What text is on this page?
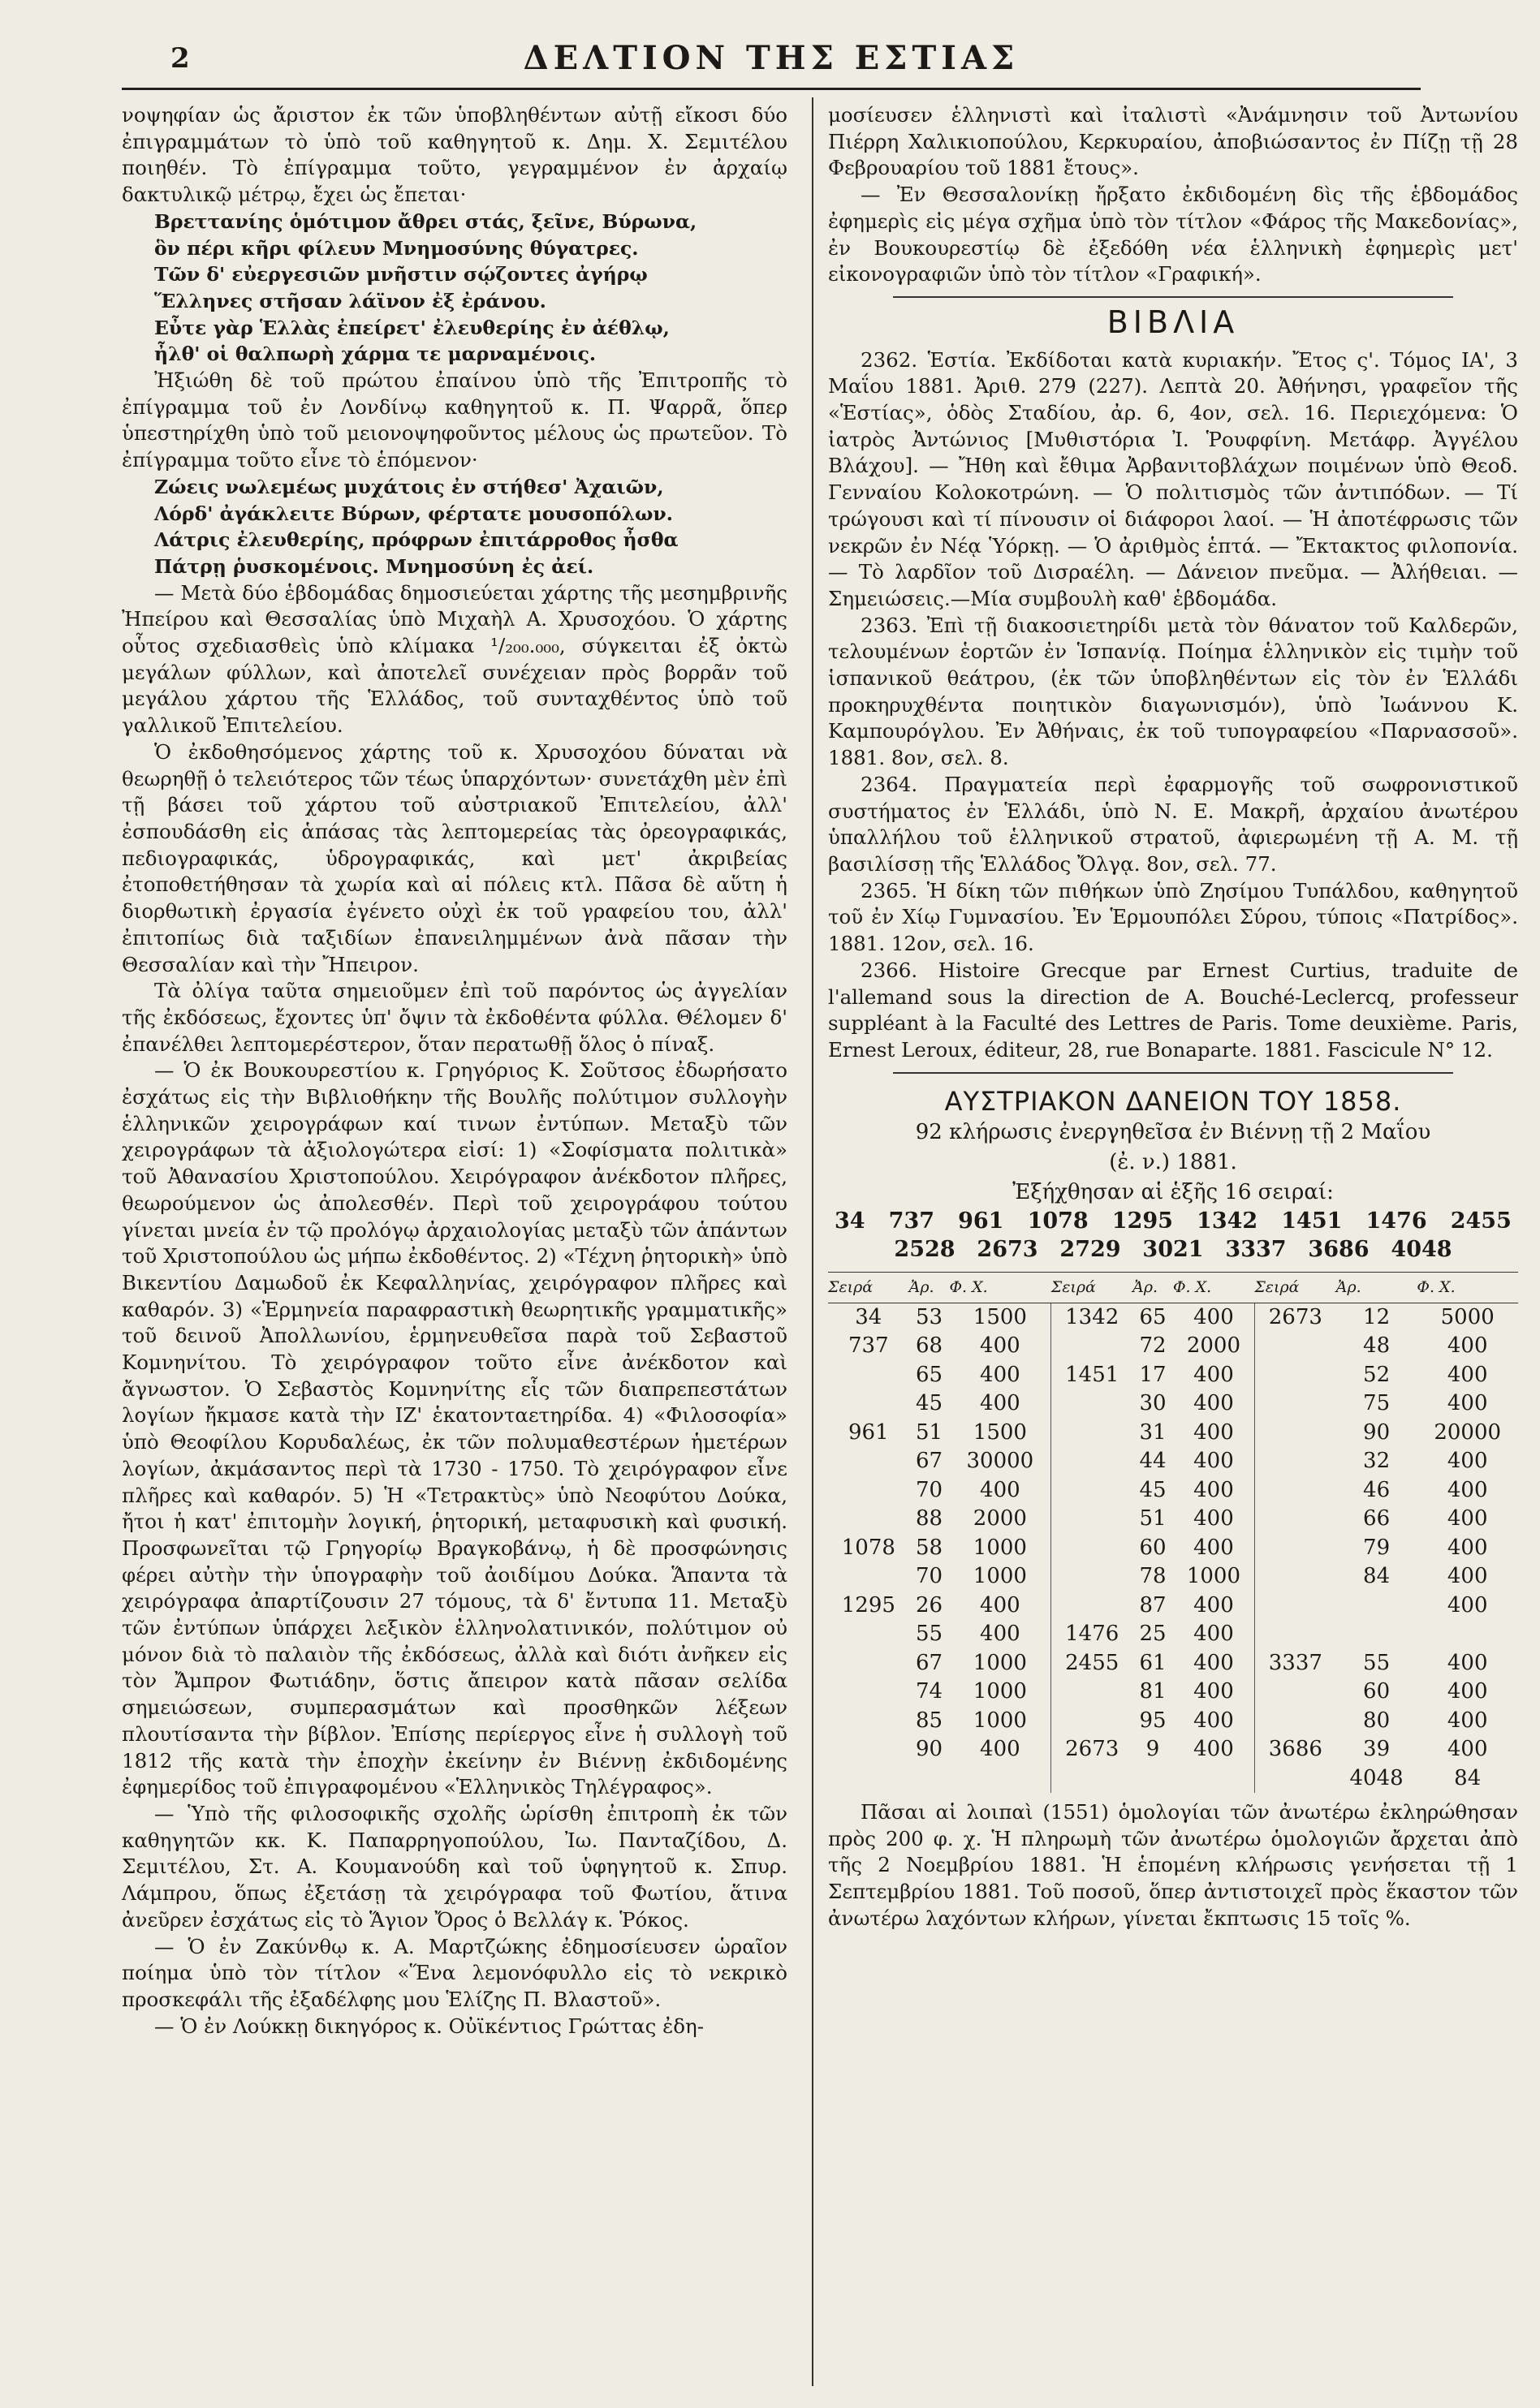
2	ΔΕΛΤΙΟΝ ΤΗΣ ΕΣΤΙΑΣ

νοψηφίαν ὡς ἄριστον ἐκ τῶν ὑποβληθέντων αὐτῇ εἴκοσι δύο ἐπιγραμμάτων τὸ ὑπὸ τοῦ καθηγητοῦ κ. Δημ. Χ. Σεμιτέλου ποιηθέν. Τὸ ἐπίγραμμα τοῦτο, γεγραμμένον ἐν ἀρχαίῳ δακτυλικῷ μέτρῳ, ἔχει ὡς ἔπεται·

Βρεττανίης ὁμότιμον ἄθρει στάς, ξεῖνε, Βύρωνα,

ὃν πέρι κῆρι φίλευν Μνημοσύνης θύγατρες.

Τῶν δ' εὐεργεσιῶν μνῆστιν σῴζοντες ἀγήρῳ

Ἕλληνες στῆσαν λάϊνον ἐξ ἐράνου.

Εὖτε γὰρ Ἑλλὰς ἐπείρετ' ἐλευθερίης ἐν ἀέθλῳ,

ἦλθ' οἱ θαλπωρὴ χάρμα τε μαρναμένοις.

Ἠξιώθη δὲ τοῦ πρώτου ἐπαίνου ὑπὸ τῆς Ἐπιτροπῆς τὸ ἐπίγραμμα τοῦ ἐν Λονδίνῳ καθηγητοῦ κ. Π. Ψαρρᾶ, ὅπερ ὑπεστηρίχθη ὑπὸ τοῦ μειονοψηφοῦντος μέλους ὡς πρωτεῦον. Τὸ ἐπίγραμμα τοῦτο εἶνε τὸ ἑπόμενον·

Ζώεις νωλεμέως μυχάτοις ἐν στήθεσ' Ἀχαιῶν,

Λόρδ' ἀγάκλειτε Βύρων, φέρτατε μουσοπόλων.

Λάτρις ἐλευθερίης, πρόφρων ἐπιτάρροθος ἦσθα

Πάτρῃ ῥυσκομένοις. Μνημοσύνη ἐς ἀεί.

— Μετὰ δύο ἑβδομάδας δημοσιεύεται χάρτης τῆς μεσημβρινῆς Ἠπείρου καὶ Θεσσαλίας ὑπὸ Μιχαὴλ Α. Χρυσοχόου. Ὁ χάρτης οὗτος σχεδιασθεὶς ὑπὸ κλίμακα ¹/₂₀₀.₀₀₀, σύγκειται ἐξ ὀκτὼ μεγάλων φύλλων, καὶ ἀποτελεῖ συνέχειαν πρὸς βορρᾶν τοῦ μεγάλου χάρτου τῆς Ἑλλάδος, τοῦ συνταχθέντος ὑπὸ τοῦ γαλλικοῦ Ἐπιτελείου.

Ὁ ἐκδοθησόμενος χάρτης τοῦ κ. Χρυσοχόου δύναται νὰ θεωρηθῇ ὁ τελειότερος τῶν τέως ὑπαρχόντων· συνετάχθη μὲν ἐπὶ τῇ βάσει τοῦ χάρτου τοῦ αὐστριακοῦ Ἐπιτελείου, ἀλλ' ἐσπουδάσθη εἰς ἁπάσας τὰς λεπτομερείας τὰς ὀρεογραφικάς, πεδιογραφικάς, ὑδρογραφικάς, καὶ μετ' ἀκριβείας ἐτοποθετήθησαν τὰ χωρία καὶ αἱ πόλεις κτλ. Πᾶσα δὲ αὕτη ἡ διορθωτικὴ ἐργασία ἐγένετο οὐχὶ ἐκ τοῦ γραφείου του, ἀλλ' ἐπιτοπίως διὰ ταξιδίων ἐπανειλημμένων ἀνὰ πᾶσαν τὴν Θεσσαλίαν καὶ τὴν Ἤπειρον.

Τὰ ὀλίγα ταῦτα σημειοῦμεν ἐπὶ τοῦ παρόντος ὡς ἀγγελίαν τῆς ἐκδόσεως, ἔχοντες ὑπ' ὄψιν τὰ ἐκδοθέντα φύλλα. Θέλομεν δ' ἐπανέλθει λεπτομερέστερον, ὅταν περατωθῇ ὅλος ὁ πίναξ.

— Ὁ ἐκ Βουκουρεστίου κ. Γρηγόριος Κ. Σοῦτσος ἐδωρήσατο ἐσχάτως εἰς τὴν Βιβλιοθήκην τῆς Βουλῆς πολύτιμον συλλογὴν ἑλληνικῶν χειρογράφων καί τινων ἐντύπων. Μεταξὺ τῶν χειρογράφων τὰ ἀξιολογώτερα εἰσί: 1) «Σοφίσματα πολιτικὰ» τοῦ Ἀθανασίου Χριστοπούλου. Χειρόγραφον ἀνέκδοτον πλῆρες, θεωρούμενον ὡς ἀπολεσθέν. Περὶ τοῦ χειρογράφου τούτου γίνεται μνεία ἐν τῷ προλόγῳ ἀρχαιολογίας μεταξὺ τῶν ἁπάντων τοῦ Χριστοπούλου ὡς μήπω ἐκδοθέντος. 2) «Τέχνη ῥητορικὴ» ὑπὸ Βικεντίου Δαμωδοῦ ἐκ Κεφαλληνίας, χειρόγραφον πλῆρες καὶ καθαρόν. 3) «Ἑρμηνεία παραφραστικὴ θεωρητικῆς γραμματικῆς» τοῦ δεινοῦ Ἀπολλωνίου, ἑρμηνευθεῖσα παρὰ τοῦ Σεβαστοῦ Κομνηνίτου. Τὸ χειρόγραφον τοῦτο εἶνε ἀνέκδοτον καὶ ἄγνωστον. Ὁ Σεβαστὸς Κομνηνίτης εἷς τῶν διαπρεπεστάτων λογίων ἤκμασε κατὰ τὴν ΙΖ' ἑκατονταετηρίδα. 4) «Φιλοσοφία» ὑπὸ Θεοφίλου Κορυδαλέως, ἐκ τῶν πολυμαθεστέρων ἡμετέρων λογίων, ἀκμάσαντος περὶ τὰ 1730 - 1750. Τὸ χειρόγραφον εἶνε πλῆρες καὶ καθαρόν. 5) Ἡ «Τετρακτὺς» ὑπὸ Νεοφύτου Δούκα, ἤτοι ἡ κατ' ἐπιτομὴν λογική, ῥητορική, μεταφυσικὴ καὶ φυσική. Προσφωνεῖται τῷ Γρηγορίῳ Βραγκοβάνῳ, ἡ δὲ προσφώνησις φέρει αὐτὴν τὴν ὑπογραφὴν τοῦ ἀοιδίμου Δούκα. Ἅπαντα τὰ χειρόγραφα ἀπαρτίζουσιν 27 τόμους, τὰ δ' ἔντυπα 11. Μεταξὺ τῶν ἐντύπων ὑπάρχει λεξικὸν ἑλληνολατινικόν, πολύτιμον οὐ μόνον διὰ τὸ παλαιὸν τῆς ἐκδόσεως, ἀλλὰ καὶ διότι ἀνῆκεν εἰς τὸν Ἄμπρον Φωτιάδην, ὅστις ἄπειρον κατὰ πᾶσαν σελίδα σημειώσεων, συμπερασμάτων καὶ προσθηκῶν λέξεων πλουτίσαντα τὴν βίβλον. Ἐπίσης περίεργος εἶνε ἡ συλλογὴ τοῦ 1812 τῆς κατὰ τὴν ἐποχὴν ἐκείνην ἐν Βιέννῃ ἐκδιδομένης ἐφημερίδος τοῦ ἐπιγραφομένου «Ἑλληνικὸς Τηλέγραφος».

— Ὑπὸ τῆς φιλοσοφικῆς σχολῆς ὡρίσθη ἐπιτροπὴ ἐκ τῶν καθηγητῶν κκ. Κ. Παπαρρηγοπούλου, Ἰω. Πανταζίδου, Δ. Σεμιτέλου, Στ. Α. Κουμανούδη καὶ τοῦ ὑφηγητοῦ κ. Σπυρ. Λάμπρου, ὅπως ἐξετάσῃ τὰ χειρόγραφα τοῦ Φωτίου, ἅτινα ἀνεῦρεν ἐσχάτως εἰς τὸ Ἅγιον Ὄρος ὁ Βελλάγ κ. Ῥόκος.

— Ὁ ἐν Ζακύνθῳ κ. Α. Μαρτζώκης ἐδημοσίευσεν ὡραῖον ποίημα ὑπὸ τὸν τίτλον «Ἕνα λεμονόφυλλο εἰς τὸ νεκρικὸ προσκεφάλι τῆς ἐξαδέλφης μου Ἑλίζης Π. Βλαστοῦ».

— Ὁ ἐν Λούκκῃ δικηγόρος κ. Οὐϊκέντιος Γρώττας ἐδη-

μοσίευσεν ἑλληνιστὶ καὶ ἰταλιστὶ «Ἀνάμνησιν τοῦ Ἀντωνίου Πιέρρη Χαλικιοπούλου, Κερκυραίου, ἀποβιώσαντος ἐν Πίζῃ τῇ 28 Φεβρουαρίου τοῦ 1881 ἔτους».

— Ἐν Θεσσαλονίκῃ ἤρξατο ἐκδιδομένη δὶς τῆς ἑβδομάδος ἐφημερὶς εἰς μέγα σχῆμα ὑπὸ τὸν τίτλον «Φάρος τῆς Μακεδονίας», ἐν Βουκουρεστίῳ δὲ ἐξεδόθη νέα ἑλληνικὴ ἐφημερὶς μετ' εἰκονογραφιῶν ὑπὸ τὸν τίτλον «Γραφική».

ΒΙΒΛΙΑ

2362. Ἑστία. Ἐκδίδοται κατὰ κυριακήν. Ἔτος ς'. Τόμος ΙΑ', 3 Μαΐου 1881. Ἀριθ. 279 (227). Λεπτὰ 20. Ἀθήνησι, γραφεῖον τῆς «Ἑστίας», ὁδὸς Σταδίου, ἀρ. 6, 4ον, σελ. 16. Περιεχόμενα: Ὁ ἰατρὸς Ἀντώνιος [Μυθιστόρια Ἰ. Ῥουφφίνη. Μετάφρ. Ἀγγέλου Βλάχου]. — Ἤθη καὶ ἔθιμα Ἀρβανιτοβλάχων ποιμένων ὑπὸ Θεοδ. Γενναίου Κολοκοτρώνη. — Ὁ πολιτισμὸς τῶν ἀντιπόδων. — Τί τρώγουσι καὶ τί πίνουσιν οἱ διάφοροι λαοί. — Ἡ ἀποτέφρωσις τῶν νεκρῶν ἐν Νέᾳ Ὑόρκῃ. — Ὁ ἀριθμὸς ἑπτά. — Ἔκτακτος φιλοπονία. — Τὸ λαρδῖον τοῦ Δισραέλη. — Δάνειον πνεῦμα. — Ἀλήθειαι. — Σημειώσεις.—Μία συμβουλὴ καθ' ἑβδομάδα.

2363. Ἐπὶ τῇ διακοσιετηρίδι μετὰ τὸν θάνατον τοῦ Καλδερῶν, τελουμένων ἑορτῶν ἐν Ἱσπανίᾳ. Ποίημα ἑλληνικὸν εἰς τιμὴν τοῦ ἱσπανικοῦ θεάτρου, (ἐκ τῶν ὑποβληθέντων εἰς τὸν ἐν Ἑλλάδι προκηρυχθέντα ποιητικὸν διαγωνισμόν), ὑπὸ Ἰωάννου Κ. Καμπουρόγλου. Ἐν Ἀθήναις, ἐκ τοῦ τυπογραφείου «Παρνασσοῦ». 1881. 8ον, σελ. 8.

2364. Πραγματεία περὶ ἐφαρμογῆς τοῦ σωφρονιστικοῦ συστήματος ἐν Ἑλλάδι, ὑπὸ Ν. Ε. Μακρῆ, ἀρχαίου ἀνωτέρου ὑπαλλήλου τοῦ ἑλληνικοῦ στρατοῦ, ἀφιερωμένη τῇ Α. Μ. τῇ βασιλίσσῃ τῆς Ἑλλάδος Ὄλγᾳ. 8ον, σελ. 77.

2365. Ἡ δίκη τῶν πιθήκων ὑπὸ Ζησίμου Τυπάλδου, καθηγητοῦ τοῦ ἐν Χίῳ Γυμνασίου. Ἐν Ἑρμουπόλει Σύρου, τύποις «Πατρίδος». 1881. 12ον, σελ. 16.

2366. Histoire Grecque par Ernest Curtius, traduite de l'allemand sous la direction de A. Bouché-Leclercq, professeur suppléant à la Faculté des Lettres de Paris. Tome deuxième. Paris, Ernest Leroux, éditeur, 28, rue Bonaparte. 1881. Fascicule N° 12.

ΑΥΣΤΡΙΑΚΟΝ ΔΑΝΕΙΟΝ ΤΟΥ 1858.
92 κλήρωσις ἐνεργηθεῖσα ἐν Βιέννῃ τῇ 2 Μαΐου
(ἐ. ν.) 1881.
Ἐξήχθησαν αἱ ἑξῆς 16 σειραί:
34 737 961 1078 1295 1342 1451 1476 2455
2528 2673 2729 3021 3337 3686 4048
Σειρά	Ἀρ.	Φ. Χ.	Σειρά	Ἀρ.	Φ. Χ.	Σειρά	Ἀρ.	Φ. Χ.
34	53	1500	1342	65	400	2673	12	5000
737	68	400		72	2000		48	400
	65	400	1451	17	400		52	400
	45	400		30	400		75	400
961	51	1500		31	400		90	20000
	67	30000		44	400		32	400
	70	400		45	400		46	400
	88	2000		51	400		66	400
1078	58	1000		60	400		79	400
	70	1000		78	1000		84	400
1295	26	400		87	400			400
	55	400	1476	25	400			
	67	1000	2455	61	400	3337	55	400
	74	1000		81	400		60	400
	85	1000		95	400		80	400
	90	400	2673	9	400	3686	39	400
							4048	84

Πᾶσαι αἱ λοιπαὶ (1551) ὁμολογίαι τῶν ἀνωτέρω ἐκληρώθησαν πρὸς 200 φ. χ. Ἡ πληρωμὴ τῶν ἀνωτέρω ὁμολογιῶν ἄρχεται ἀπὸ τῆς 2 Νοεμβρίου 1881. Ἡ ἑπομένη κλήρωσις γενήσεται τῇ 1 Σεπτεμβρίου 1881. Τοῦ ποσοῦ, ὅπερ ἀντιστοιχεῖ πρὸς ἕκαστον τῶν ἀνωτέρω λαχόντων κλήρων, γίνεται ἔκπτωσις 15 τοῖς %.
